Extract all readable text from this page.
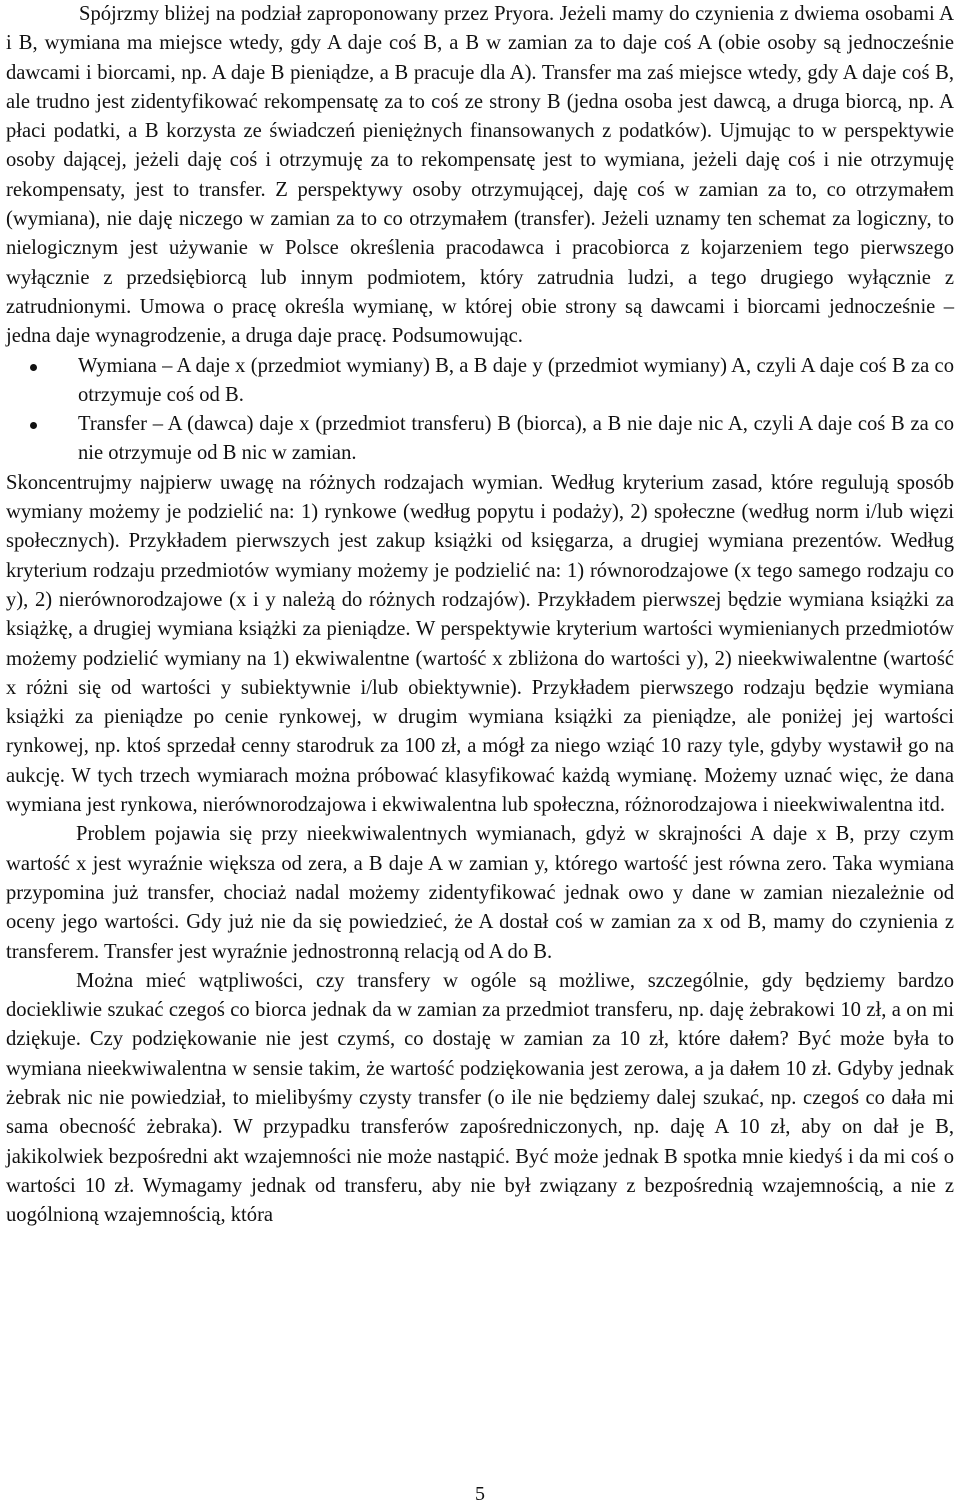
Spójrzmy bliżej na podział zaproponowany przez Pryora. Jeżeli mamy do czynienia z dwiema osobami A i B, wymiana ma miejsce wtedy, gdy A daje coś B, a B w zamian za to daje coś A (obie osoby są jednocześnie dawcami i biorcami, np. A daje B pieniądze, a B pracuje dla A). Transfer ma zaś miejsce wtedy, gdy A daje coś B, ale trudno jest zidentyfikować rekompensatę za to coś ze strony B (jedna osoba jest dawcą, a druga biorcą, np. A płaci podatki, a B korzysta ze świadczeń pieniężnych finansowanych z podatków). Ujmując to w perspektywie osoby dającej, jeżeli daję coś i otrzymuję za to rekompensatę jest to wymiana, jeżeli daję coś i nie otrzymuję rekompensaty, jest to transfer. Z perspektywy osoby otrzymującej, daję coś w zamian za to, co otrzymałem (wymiana), nie daję niczego w zamian za to co otrzymałem (transfer). Jeżeli uznamy ten schemat za logiczny, to nielogicznym jest używanie w Polsce określenia pracodawca i pracobiorca z kojarzeniem tego pierwszego wyłącznie z przedsiębiorcą lub innym podmiotem, który zatrudnia ludzi, a tego drugiego wyłącznie z zatrudnionymi. Umowa o pracę określa wymianę, w której obie strony są dawcami i biorcami jednocześnie – jedna daje wynagrodzenie, a druga daje pracę. Podsumowując.

Wymiana – A daje x (przedmiot wymiany) B, a B daje y (przedmiot wymiany) A, czyli A daje coś B za co otrzymuje coś od B.
Transfer – A (dawca) daje x (przedmiot transferu) B (biorca), a B nie daje nic A, czyli A daje coś B za co nie otrzymuje od B nic w zamian.

Skoncentrujmy najpierw uwagę na różnych rodzajach wymian. Według kryterium zasad, które regulują sposób wymiany możemy je podzielić na: 1) rynkowe (według popytu i podaży), 2) społeczne (według norm i/lub więzi społecznych). Przykładem pierwszych jest zakup książki od księgarza, a drugiej wymiana prezentów. Według kryterium rodzaju przedmiotów wymiany możemy je podzielić na: 1) równorodzajowe (x tego samego rodzaju co y), 2) nierównorodzajowe (x i y należą do różnych rodzajów). Przykładem pierwszej będzie wymiana książki za książkę, a drugiej wymiana książki za pieniądze. W perspektywie kryterium wartości wymienianych przedmiotów możemy podzielić wymiany na 1) ekwiwalentne (wartość x zbliżona do wartości y), 2) nieekwiwalentne (wartość x różni się od wartości y subiektywnie i/lub obiektywnie). Przykładem pierwszego rodzaju będzie wymiana książki za pieniądze po cenie rynkowej, w drugim wymiana książki za pieniądze, ale poniżej jej wartości rynkowej, np. ktoś sprzedał cenny starodruk za 100 zł, a mógł za niego wziąć 10 razy tyle, gdyby wystawił go na aukcję. W tych trzech wymiarach można próbować klasyfikować każdą wymianę. Możemy uznać więc, że dana wymiana jest rynkowa, nierównorodzajowa i ekwiwalentna lub społeczna, różnorodzajowa i nieekwiwalentna itd.

Problem pojawia się przy nieekwiwalentnych wymianach, gdyż w skrajności A daje x B, przy czym wartość x jest wyraźnie większa od zera, a B daje A w zamian y, którego wartość jest równa zero. Taka wymiana przypomina już transfer, chociaż nadal możemy zidentyfikować jednak owo y dane w zamian niezależnie od oceny jego wartości. Gdy już nie da się powiedzieć, że A dostał coś w zamian za x od B, mamy do czynienia z transferem. Transfer jest wyraźnie jednostronną relacją od A do B.

Można mieć wątpliwości, czy transfery w ogóle są możliwe, szczególnie, gdy będziemy bardzo dociekliwie szukać czegoś co biorca jednak da w zamian za przedmiot transferu, np. daję żebrakowi 10 zł, a on mi dziękuje. Czy podziękowanie nie jest czymś, co dostaję w zamian za 10 zł, które dałem? Być może była to wymiana nieekwiwalentna w sensie takim, że wartość podziękowania jest zerowa, a ja dałem 10 zł. Gdyby jednak żebrak nic nie powiedział, to mielibyśmy czysty transfer (o ile nie będziemy dalej szukać, np. czegoś co dała mi sama obecność żebraka). W przypadku transferów zapośredniczonych, np. daję A 10 zł, aby on dał je B, jakikolwiek bezpośredni akt wzajemności nie może nastąpić. Być może jednak B spotka mnie kiedyś i da mi coś o wartości 10 zł. Wymagamy jednak od transferu, aby nie był związany z bezpośrednią wzajemnością, a nie z uogólnioną wzajemnością, która

5
